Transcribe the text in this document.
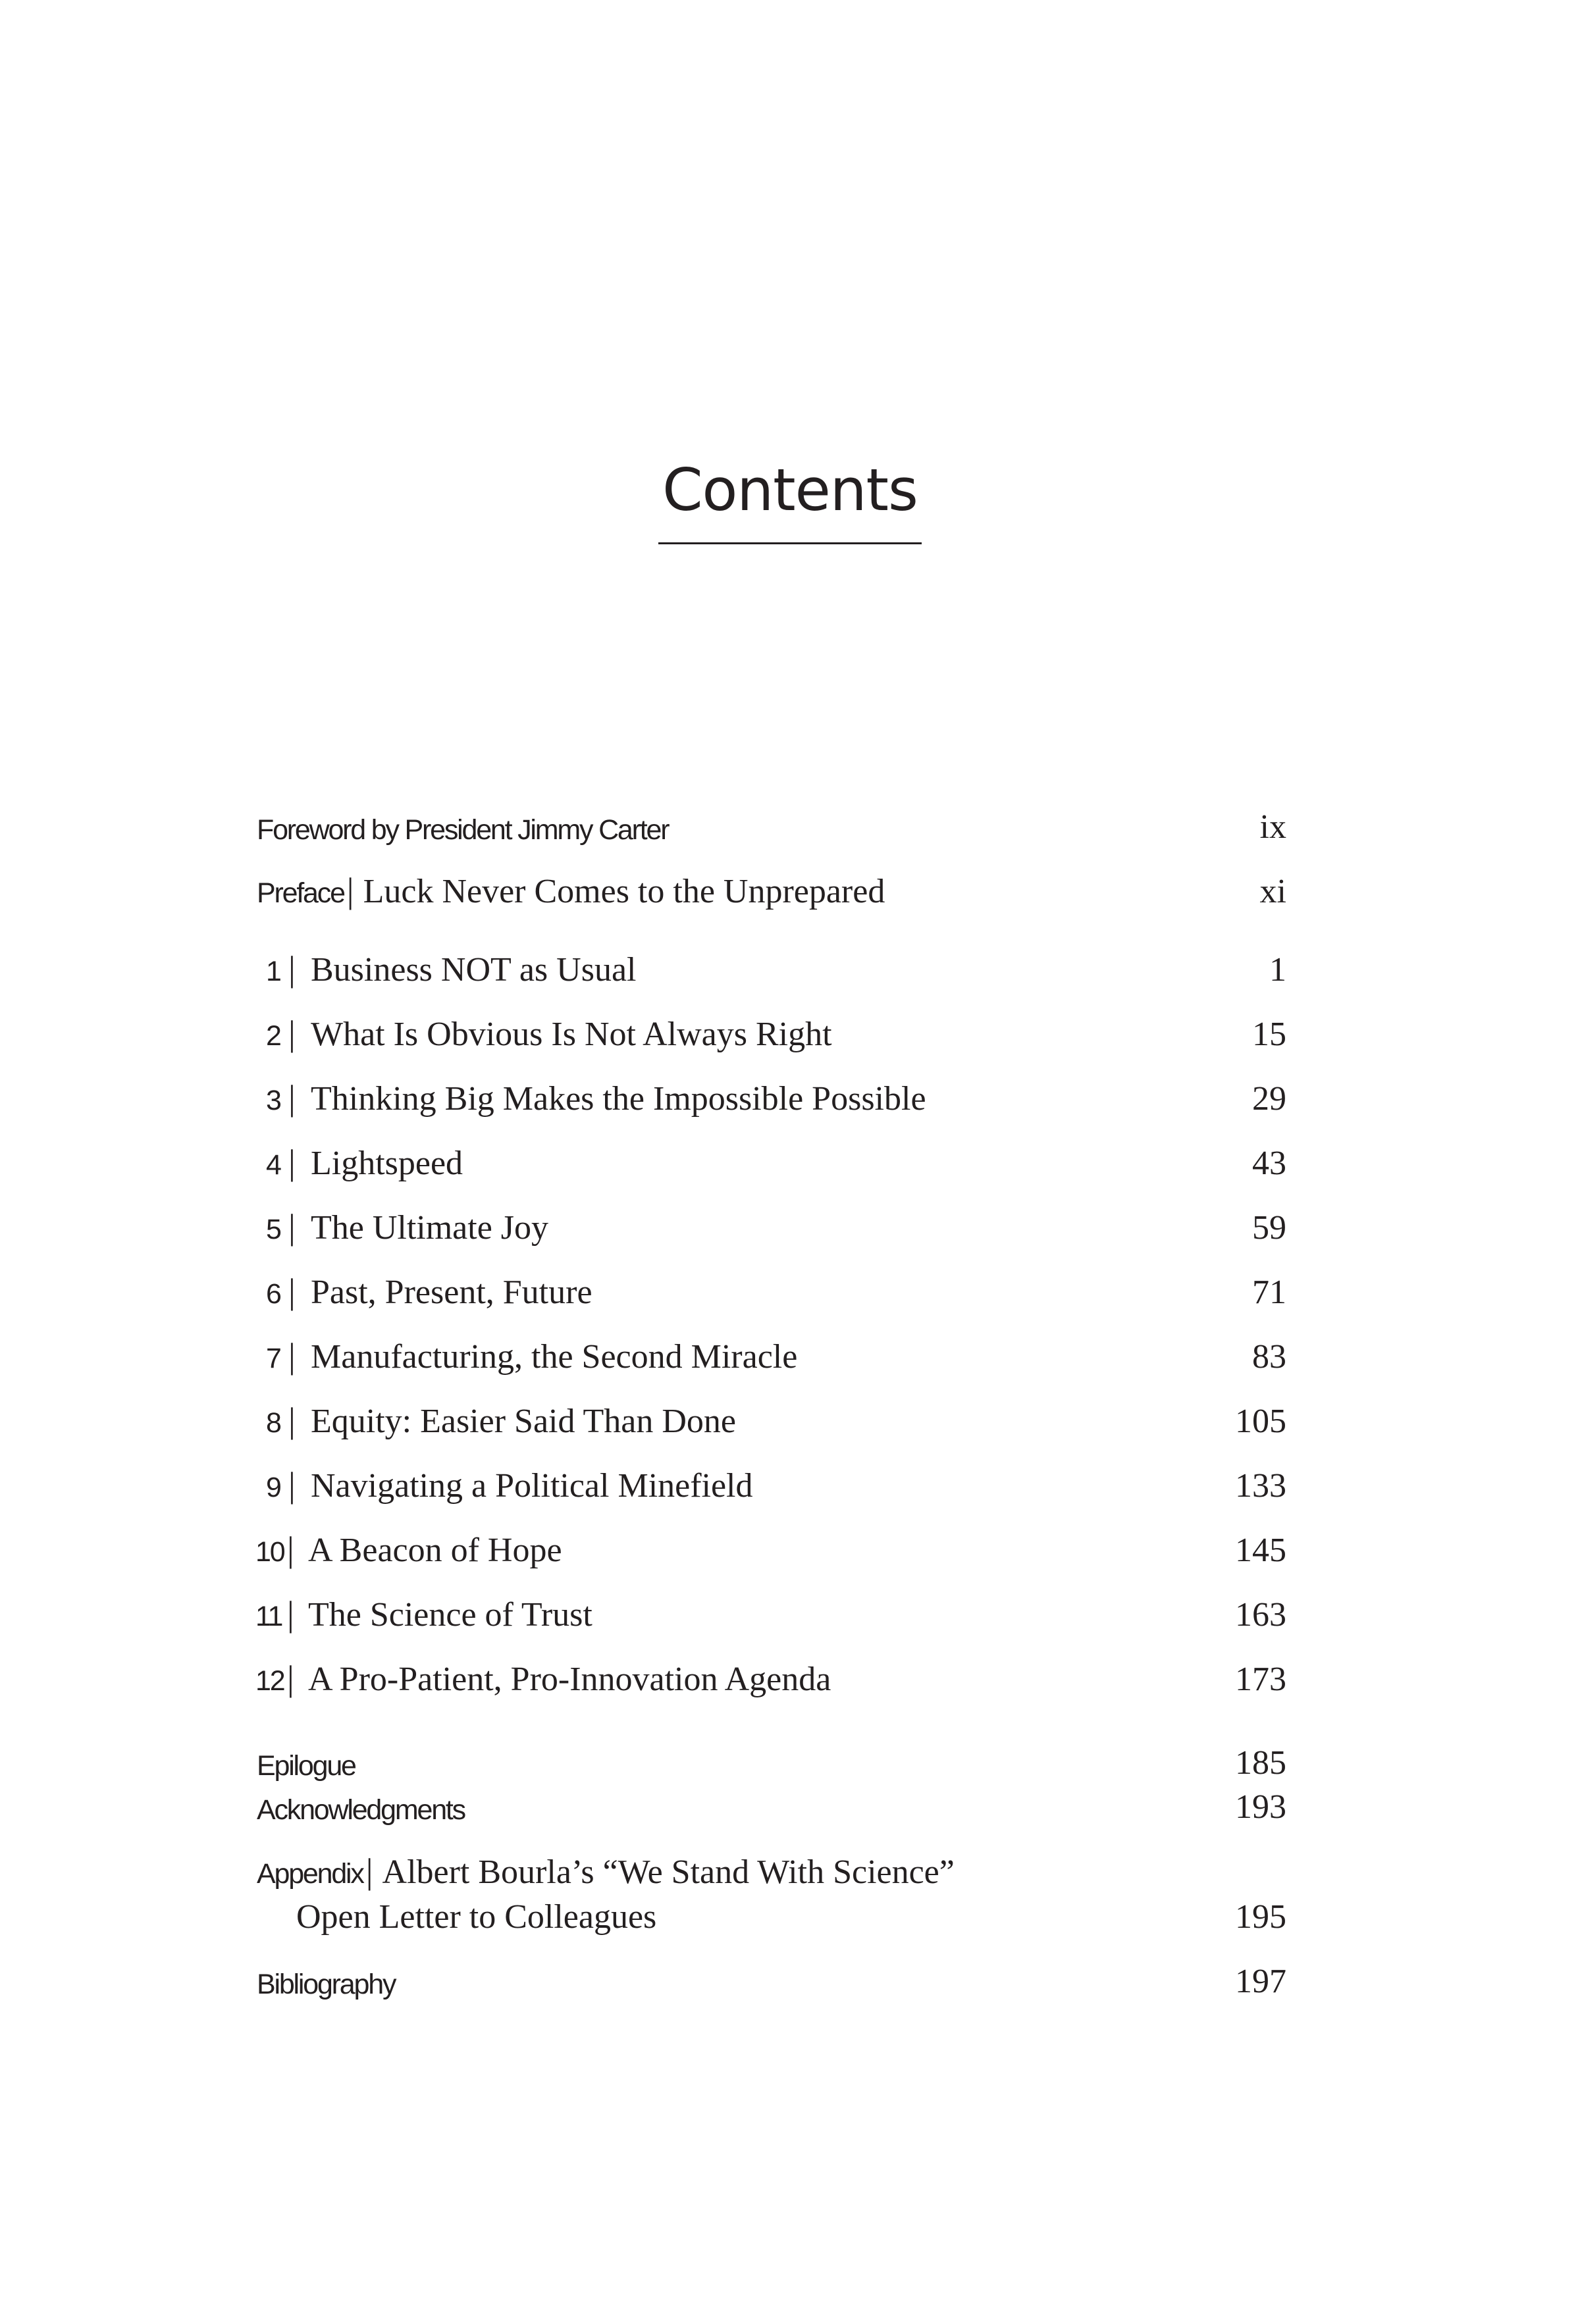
Contents
Foreword by President Jimmy Carter	ix
Preface| Luck Never Comes to the Unprepared	xi
1 | Business NOT as Usual	1
2 | What Is Obvious Is Not Always Right	15
3 | Thinking Big Makes the Impossible Possible	29
4 | Lightspeed	43
5 | The Ultimate Joy	59
6 | Past, Present, Future	71
7 | Manufacturing, the Second Miracle	83
8 | Equity: Easier Said Than Done	105
9 | Navigating a Political Minefield	133
10 | A Beacon of Hope	145
11 | The Science of Trust	163
12 | A Pro-Patient, Pro-Innovation Agenda	173
Epilogue	185
Acknowledgments	193
Appendix| Albert Bourla’s “We Stand With Science”
Open Letter to Colleagues	195
Bibliography	197
